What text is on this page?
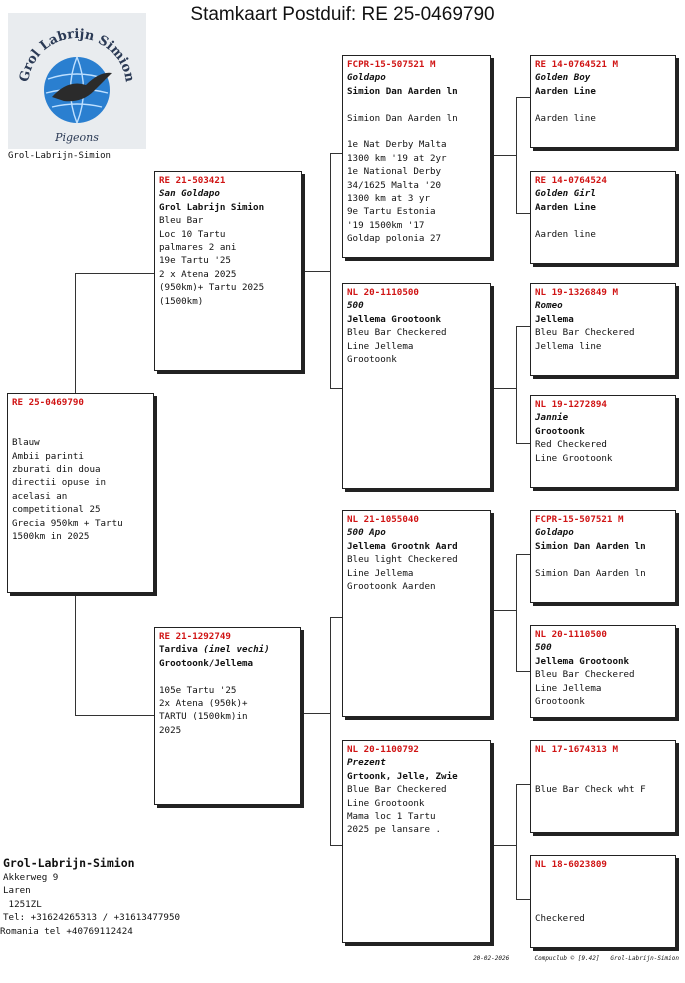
Stamkaart Postduif: RE 25-0469790
Grol Labrijn Simion
Pigeons
Grol-Labrijn-Simion
RE 25-0469790
Blauw
Ambii parinti
zburati din doua
directii opuse in
acelasi an
competitional 25
Grecia 950km + Tartu
1500km in 2025
RE 21-503421
San Goldapo
Grol Labrijn Simion
Bleu Bar
Loc 10 Tartu
palmares 2 ani
19e Tartu '25
2 x Atena 2025
(950km)+ Tartu 2025
(1500km)
RE 21-1292749
Tardiva (inel vechi)
Grootoonk/Jellema
105e Tartu '25
2x Atena (950k)+
TARTU (1500km)in
2025
FCPR-15-507521 M
Goldapo
Simion Dan Aarden ln
Simion Dan Aarden ln
1e Nat Derby Malta
1300 km '19 at 2yr
1e National Derby
34/1625 Malta '20
1300 km at 3 yr
9e Tartu Estonia
'19 1500km '17
Goldap polonia 27
NL 20-1110500
500
Jellema Grootoonk
Bleu Bar Checkered
Line Jellema
Grootoonk
NL 21-1055040
500 Apo
Jellema Grootnk Aard
Bleu light Checkered
Line Jellema
Grootoonk Aarden
NL 20-1100792
Prezent
Grtoonk, Jelle, Zwie
Blue Bar Checkered
Line Grootoonk
Mama loc 1 Tartu
2025 pe lansare .
RE 14-0764521 M
Golden Boy
Aarden Line
Aarden line
RE 14-0764524
Golden Girl
Aarden Line
Aarden line
NL 19-1326849 M
Romeo
Jellema
Bleu Bar Checkered
Jellema line
NL 19-1272894
Jannie
Grootoonk
Red Checkered
Line Grootoonk
FCPR-15-507521 M
Goldapo
Simion Dan Aarden ln
Simion Dan Aarden ln
NL 20-1110500
500
Jellema Grootoonk
Bleu Bar Checkered
Line Jellema
Grootoonk
NL 17-1674313 M
Blue Bar Check wht F
NL 18-6023809
Checkered
Grol-Labrijn-Simion
Akkerweg 9
Laren
1251ZL
Tel: +31624265313 / +31613477950
Romania tel +40769112424
20-02-2026	Compuclub © [9.42] Grol-Labrijn-Simion
